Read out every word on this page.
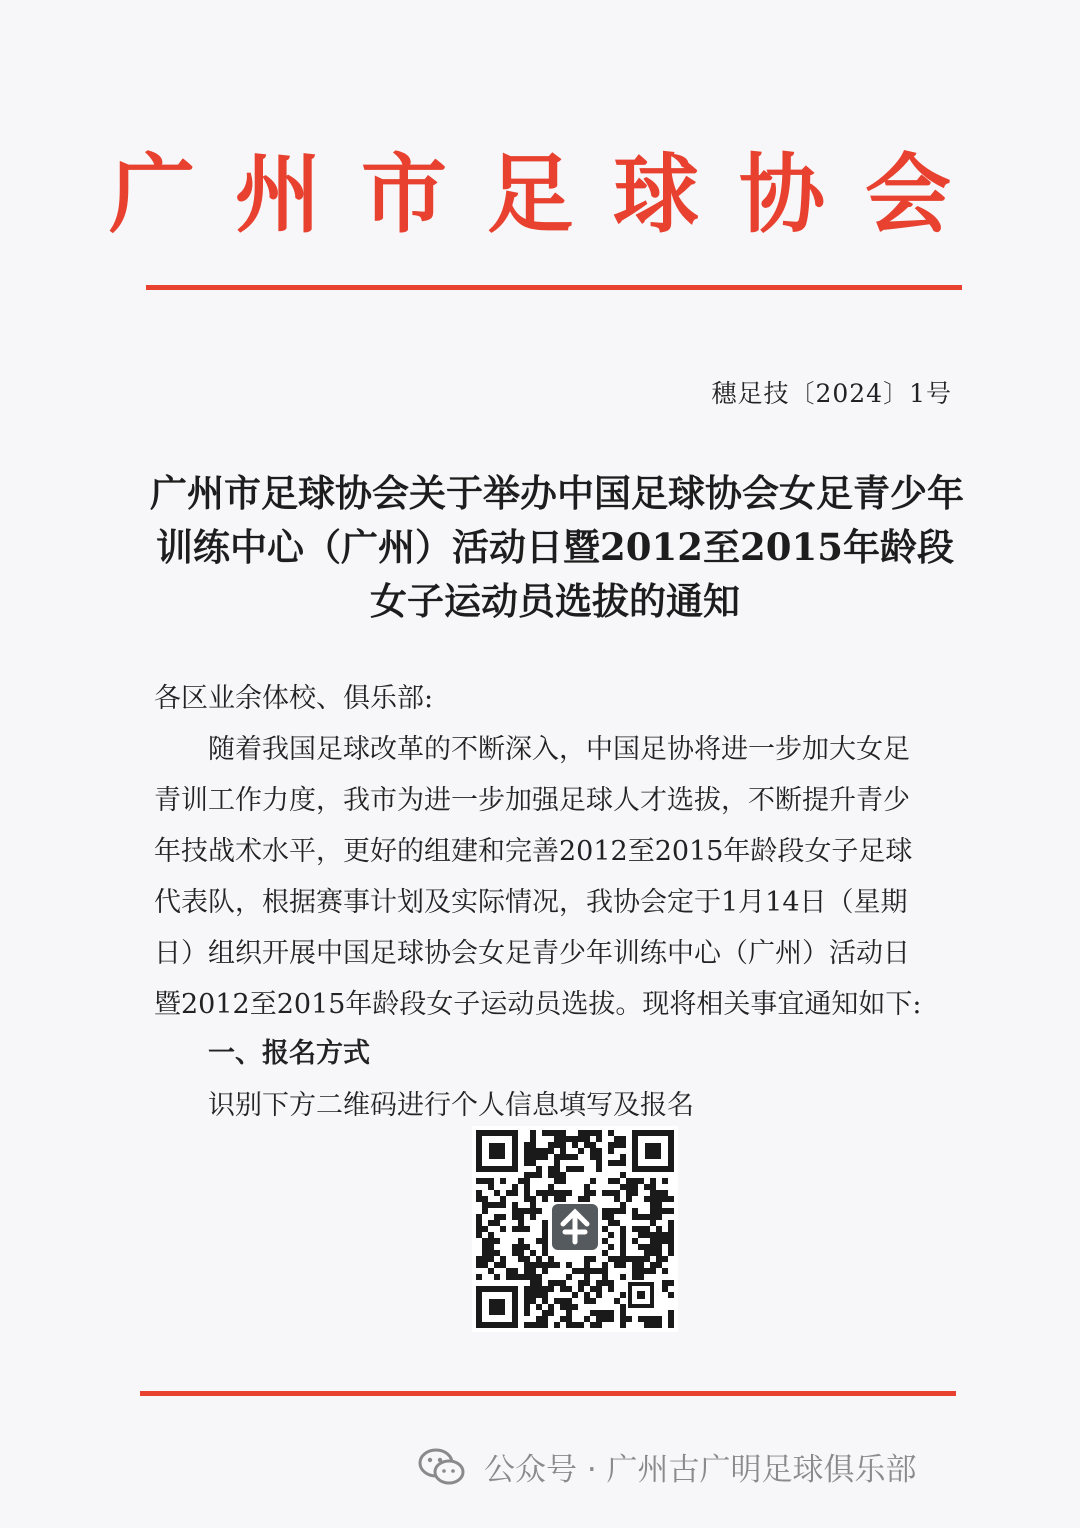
广州市足球协会
穗足技〔2024〕1号
广州市足球协会关于举办中国足球协会女足青少年
训练中心（广州）活动日暨2012至2015年龄段
女子运动员选拔的通知
各区业余体校、俱乐部:
　　随着我国足球改革的不断深入，中国足协将进一步加大女足
青训工作力度，我市为进一步加强足球人才选拔，不断提升青少
年技战术水平，更好的组建和完善2012至2015年龄段女子足球
代表队，根据赛事计划及实际情况，我协会定于1月14日（星期
日）组织开展中国足球协会女足青少年训练中心（广州）活动日
暨2012至2015年龄段女子运动员选拔。现将相关事宜通知如下:
一、报名方式
识别下方二维码进行个人信息填写及报名
公众号 · 广州古广明足球俱乐部
